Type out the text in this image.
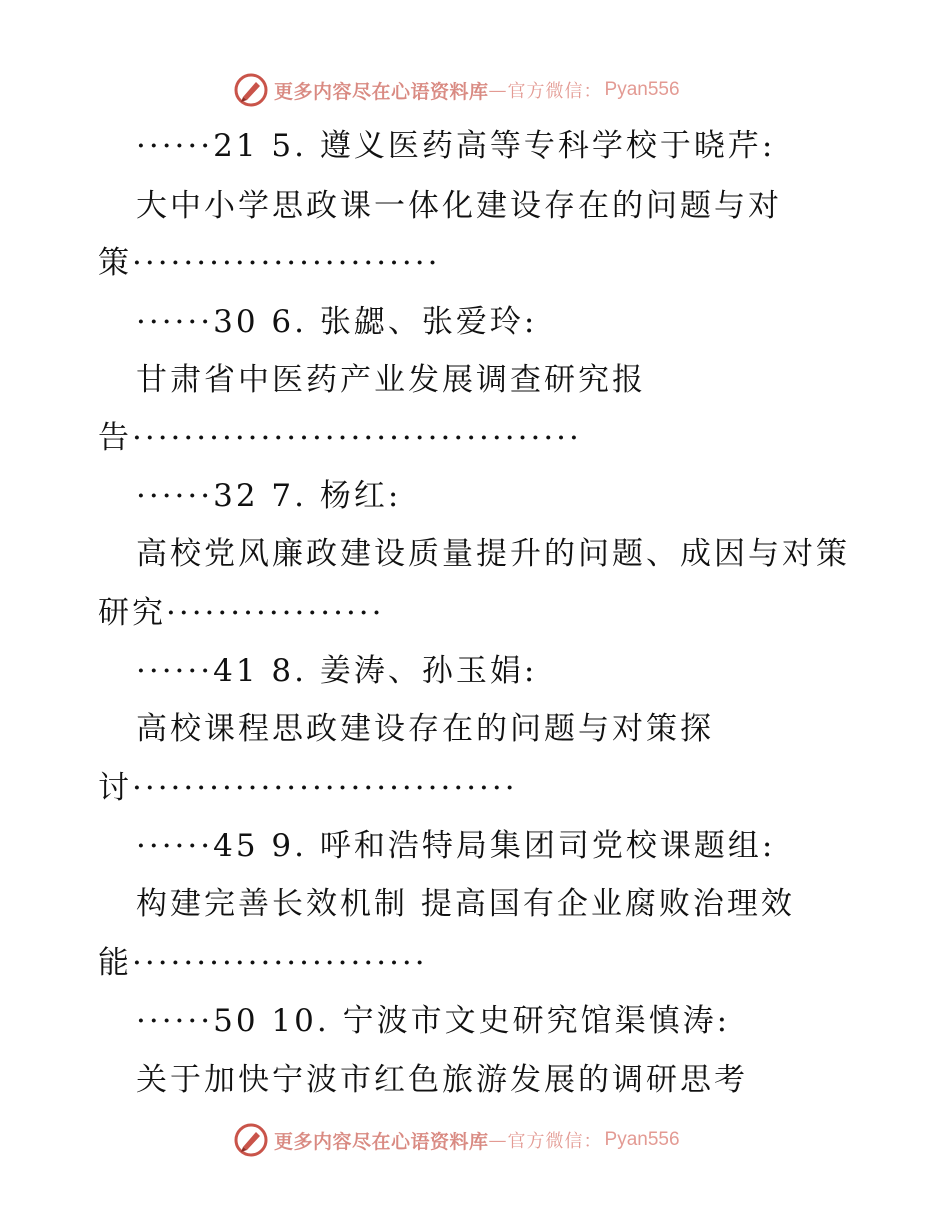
更多内容尽在心语资料库 — 官方微信： Pyan556
······21 5. 遵义医药高等专科学校于晓芹:
大中小学思政课一体化建设存在的问题与对
策························
······30 6. 张勰、张爱玲:
甘肃省中医药产业发展调查研究报
告···································
······32 7. 杨红:
高校党风廉政建设质量提升的问题、成因与对策
研究·················
······41 8. 姜涛、孙玉娟:
高校课程思政建设存在的问题与对策探
讨······························
······45 9. 呼和浩特局集团司党校课题组:
构建完善长效机制 提高国有企业腐败治理效
能·······················
······50 10. 宁波市文史研究馆渠慎涛:
关于加快宁波市红色旅游发展的调研思考
更多内容尽在心语资料库 — 官方微信： Pyan556
